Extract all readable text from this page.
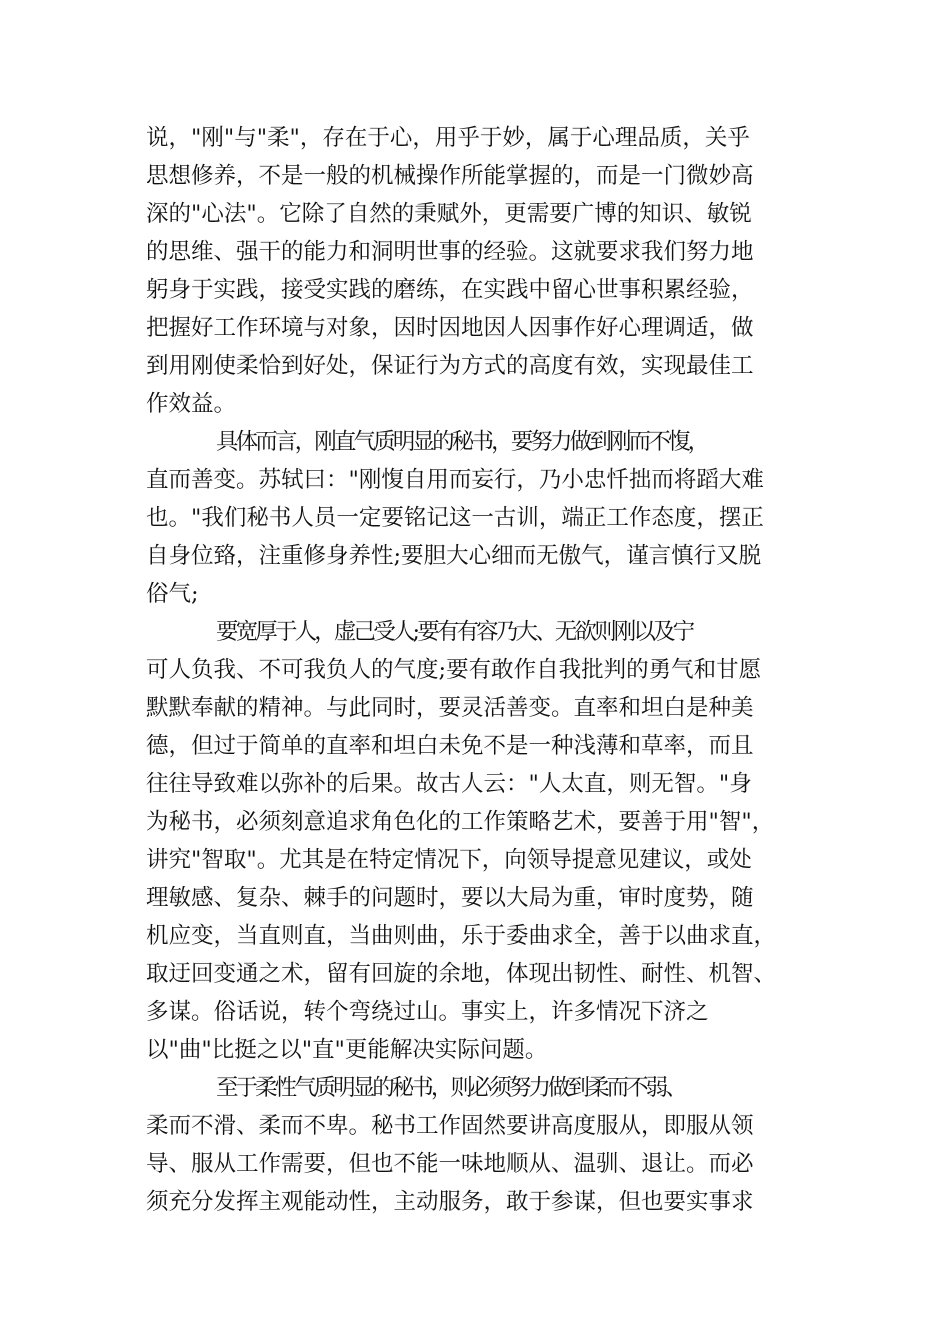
说，"刚"与"柔"，存在于心，用乎于妙，属于心理品质，关乎
思想修养，不是一般的机械操作所能掌握的，而是一门微妙高
深的"心法"。它除了自然的秉赋外，更需要广博的知识、敏锐
的思维、强干的能力和洞明世事的经验。这就要求我们努力地
躬身于实践，接受实践的磨练，在实践中留心世事积累经验，
把握好工作环境与对象，因时因地因人因事作好心理调适，做
到用刚使柔恰到好处，保证行为方式的高度有效，实现最佳工
作效益。
具体而言，刚直气质明显的秘书，要努力做到刚而不愎，
直而善变。苏轼曰："刚愎自用而妄行，乃小忠忏拙而将蹈大难
也。"我们秘书人员一定要铭记这一古训，端正工作态度，摆正
自身位臵，注重修身养性;要胆大心细而无傲气，谨言慎行又脱
俗气;
要宽厚于人，虚己受人;要有有容乃大、无欲则刚以及宁
可人负我、不可我负人的气度;要有敢作自我批判的勇气和甘愿
默默奉献的精神。与此同时，要灵活善变。直率和坦白是种美
德，但过于简单的直率和坦白未免不是一种浅薄和草率，而且
往往导致难以弥补的后果。故古人云："人太直，则无智。"身
为秘书，必须刻意追求角色化的工作策略艺术，要善于用"智"，
讲究"智取"。尤其是在特定情况下，向领导提意见建议，或处
理敏感、复杂、棘手的问题时，要以大局为重，审时度势，随
机应变，当直则直，当曲则曲，乐于委曲求全，善于以曲求直，
取迂回变通之术，留有回旋的余地，体现出韧性、耐性、机智、
多谋。俗话说，转个弯绕过山。事实上，许多情况下济之
以"曲"比挺之以"直"更能解决实际问题。
至于柔性气质明显的秘书，则必须努力做到柔而不弱、
柔而不滑、柔而不卑。秘书工作固然要讲高度服从，即服从领
导、服从工作需要，但也不能一味地顺从、温驯、退让。而必
须充分发挥主观能动性，主动服务，敢于参谋，但也要实事求
